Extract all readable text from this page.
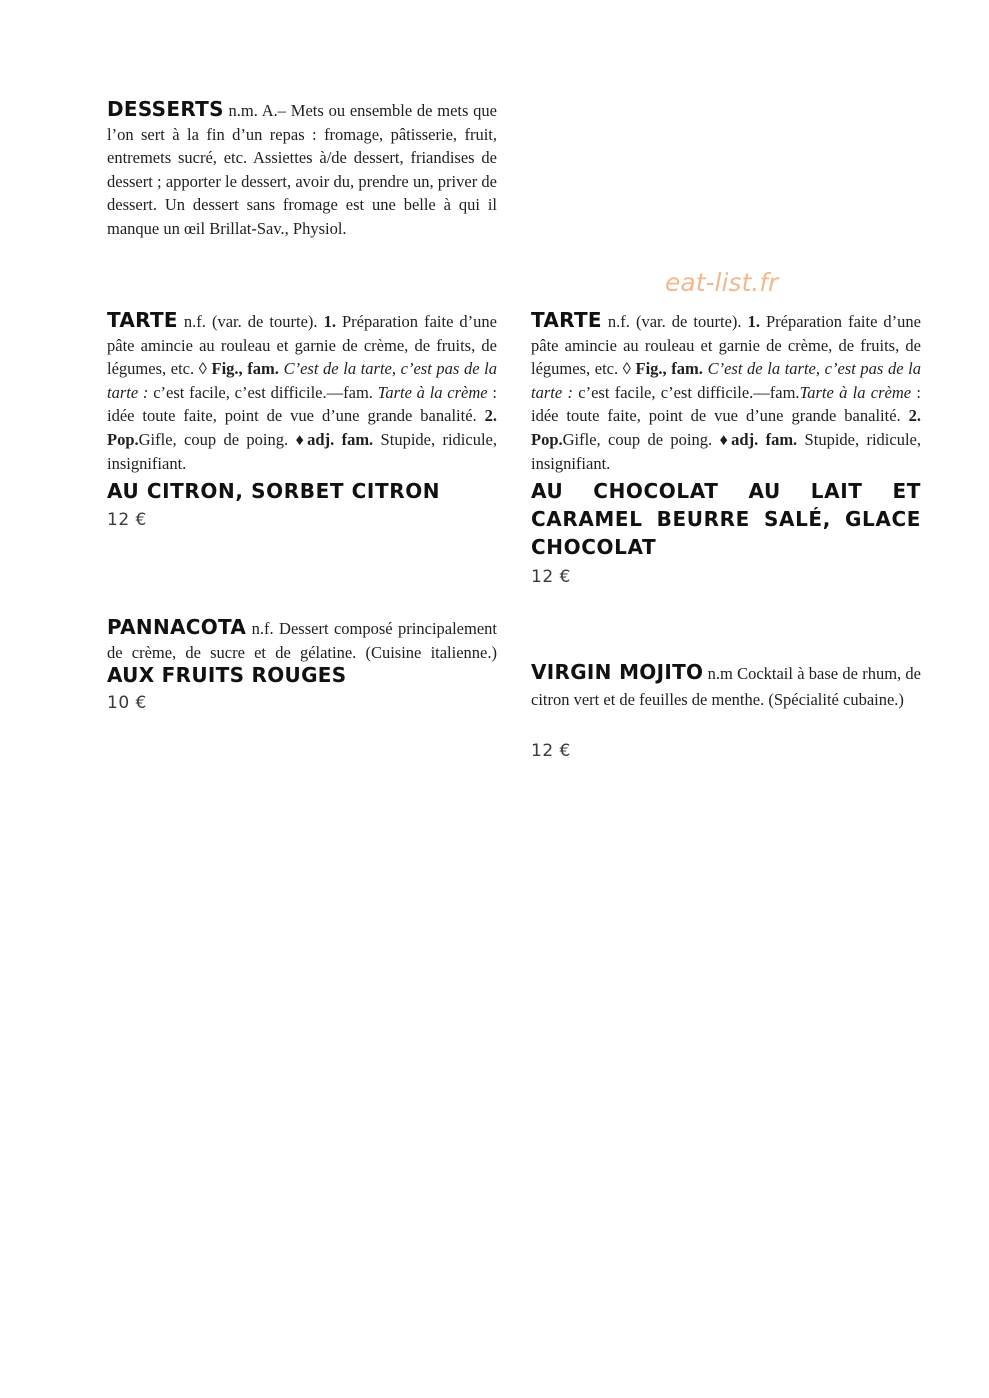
eat-list.fr
DESSERTS n.m. A.– Mets ou ensemble de mets que l’on sert à la fin d’un repas : fromage, pâtisserie, fruit, entremets sucré, etc. Assiettes à/de dessert, friandises de dessert ; apporter le dessert, avoir du, prendre un, priver de dessert. Un dessert sans fromage est une belle à qui il manque un œil Brillat-Sav., Physiol.
TARTE n.f. (var. de tourte). 1. Préparation faite d’une pâte amincie au rouleau et garnie de crème, de fruits, de légumes, etc. ◊ Fig., fam. C’est de la tarte, c’est pas de la tarte : c’est facile, c’est difficile.—fam. Tarte à la crème : idée toute faite, point de vue d’une grande banalité. 2. Pop.Gifle, coup de poing. ♦adj. fam. Stupide, ridicule, insignifiant.
AU CITRON, SORBET CITRON
12 €
TARTE n.f. (var. de tourte). 1. Préparation faite d’une pâte amincie au rouleau et garnie de crème, de fruits, de légumes, etc. ◊ Fig., fam. C’est de la tarte, c’est pas de la tarte : c’est facile, c’est difficile.—fam.Tarte à la crème : idée toute faite, point de vue d’une grande banalité. 2. Pop.Gifle, coup de poing. ♦adj. fam. Stupide, ridicule, insignifiant.
AU CHOCOLAT AU LAIT ET CARAMEL BEURRE SALÉ, GLACE CHOCOLAT
12 €
PANNACOTA n.f. Dessert composé principalement de crème, de sucre et de gélatine. (Cuisine italienne.) AUX FRUITS ROUGES
10 €
VIRGIN MOJITO n.m Cocktail à base de rhum, de citron vert et de feuilles de menthe. (Spécialité cubaine.)
12 €
